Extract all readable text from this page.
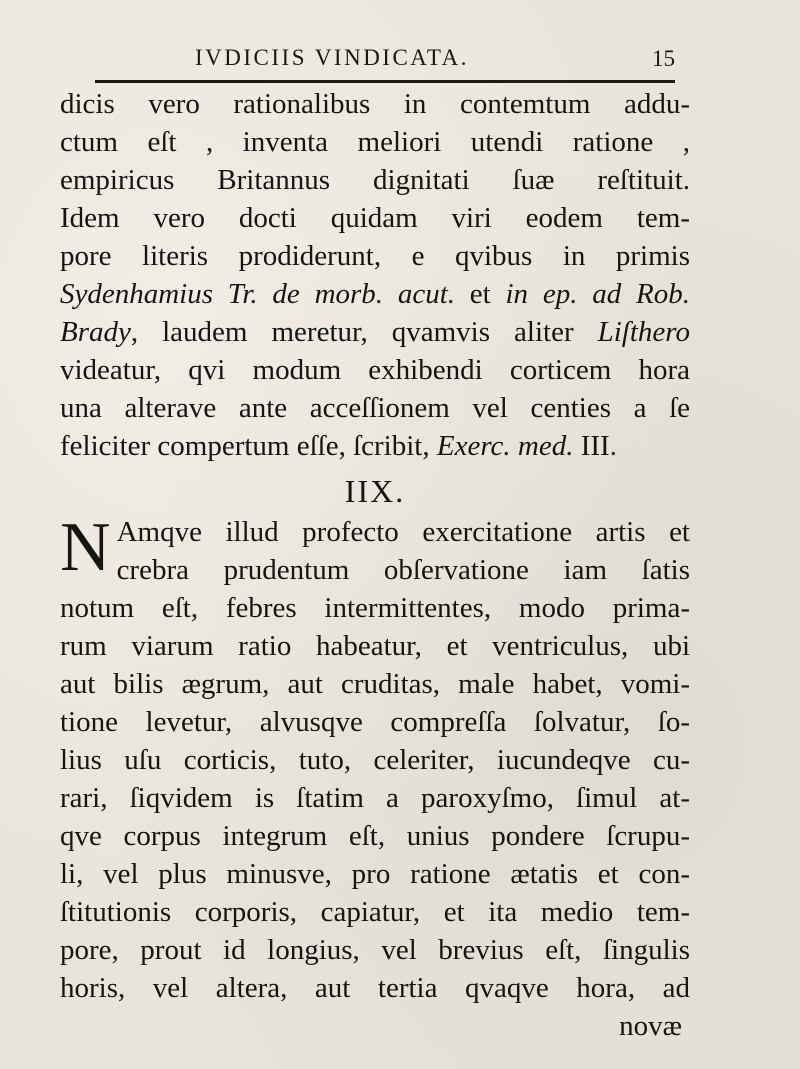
IVDICIIS VINDICATA.	15
dicis vero rationalibus in contemtum addu-
ctum eſt , inventa meliori utendi ratione ,
empiricus Britannus dignitati ſuæ reſtituit.
Idem vero docti quidam viri eodem tem-
pore literis prodiderunt, e qvibus in primis
Sydenhamius Tr. de morb. acut. et in ep. ad Rob.
Brady, laudem meretur, qvamvis aliter Liſthero
videatur, qvi modum exhibendi corticem hora
una alterave ante acceſſionem vel centies a ſe
feliciter compertum eſſe, ſcribit, Exerc. med. III.
IIX.
N Amqve illud profecto exercitatione artis et
crebra prudentum obſervatione iam ſatis
notum eſt, febres intermittentes, modo prima-
rum viarum ratio habeatur, et ventriculus, ubi
aut bilis ægrum, aut cruditas, male habet, vomi-
tione levetur, alvusqve compreſſa ſolvatur, ſo-
lius uſu corticis, tuto, celeriter, iucundeqve cu-
rari, ſiqvidem is ſtatim a paroxyſmo, ſimul at-
qve corpus integrum eſt, unius pondere ſcrupu-
li, vel plus minusve, pro ratione ætatis et con-
ſtitutionis corporis, capiatur, et ita medio tem-
pore, prout id longius, vel brevius eſt, ſingulis
horis, vel altera, aut tertia qvaqve hora, ad
novæ
